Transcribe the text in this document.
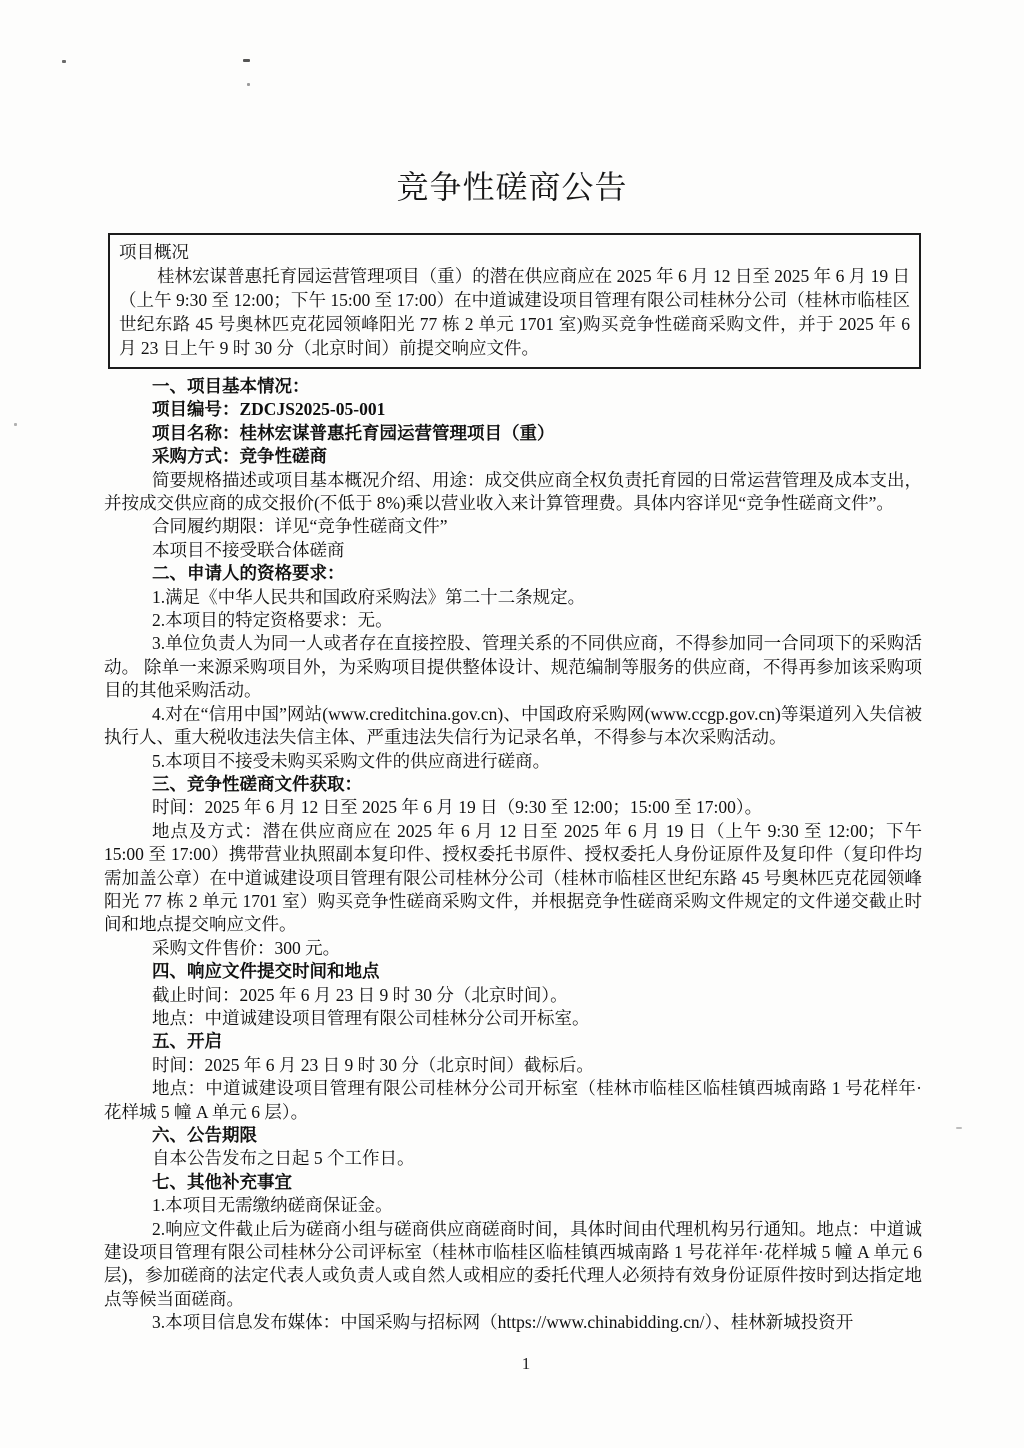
竞争性磋商公告

项目概况

桂林宏谋普惠托育园运营管理项目（重）的潜在供应商应在 2025 年 6 月 12 日至 2025 年 6 月 19 日（上午 9:30 至 12:00；下午 15:00 至 17:00）在中道诚建设项目管理有限公司桂林分公司（桂林市临桂区世纪东路 45 号奥林匹克花园领峰阳光 77 栋 2 单元 1701 室)购买竞争性磋商采购文件，并于 2025 年 6 月 23 日上午 9 时 30 分（北京时间）前提交响应文件。

一、项目基本情况：

项目编号：ZDCJS2025-05-001

项目名称：桂林宏谋普惠托育园运营管理项目（重）

采购方式：竞争性磋商

简要规格描述或项目基本概况介绍、用途：成交供应商全权负责托育园的日常运营管理及成本支出，并按成交供应商的成交报价(不低于 8%)乘以营业收入来计算管理费。具体内容详见“竞争性磋商文件”。

合同履约期限：详见“竞争性磋商文件”

本项目不接受联合体磋商

二、申请人的资格要求：

1.满足《中华人民共和国政府采购法》第二十二条规定。

2.本项目的特定资格要求：无。

3.单位负责人为同一人或者存在直接控股、管理关系的不同供应商，不得参加同一合同项下的采购活动。 除单一来源采购项目外，为采购项目提供整体设计、规范编制等服务的供应商，不得再参加该采购项目的其他采购活动。

4.对在“信用中国”网站(www.creditchina.gov.cn)、中国政府采购网(www.ccgp.gov.cn)等渠道列入失信被执行人、重大税收违法失信主体、严重违法失信行为记录名单，不得参与本次采购活动。

5.本项目不接受未购买采购文件的供应商进行磋商。

三、竞争性磋商文件获取：

时间：2025 年 6 月 12 日至 2025 年 6 月 19 日（9:30 至 12:00；15:00 至 17:00）。

地点及方式：潜在供应商应在 2025 年 6 月 12 日至 2025 年 6 月 19 日（上午 9:30 至 12:00；下午 15:00 至 17:00）携带营业执照副本复印件、授权委托书原件、授权委托人身份证原件及复印件（复印件均需加盖公章）在中道诚建设项目管理有限公司桂林分公司（桂林市临桂区世纪东路 45 号奥林匹克花园领峰阳光 77 栋 2 单元 1701 室）购买竞争性磋商采购文件，并根据竞争性磋商采购文件规定的文件递交截止时间和地点提交响应文件。

采购文件售价：300 元。

四、响应文件提交时间和地点

截止时间：2025 年 6 月 23 日 9 时 30 分（北京时间）。

地点：中道诚建设项目管理有限公司桂林分公司开标室。

五、开启

时间：2025 年 6 月 23 日 9 时 30 分（北京时间）截标后。

地点：中道诚建设项目管理有限公司桂林分公司开标室（桂林市临桂区临桂镇西城南路 1 号花样年·花样城 5 幢 A 单元 6 层）。

六、公告期限

自本公告发布之日起 5 个工作日。

七、其他补充事宜

1.本项目无需缴纳磋商保证金。

2.响应文件截止后为磋商小组与磋商供应商磋商时间，具体时间由代理机构另行通知。地点：中道诚建设项目管理有限公司桂林分公司评标室（桂林市临桂区临桂镇西城南路 1 号花祥年·花样城 5 幢 A 单元 6 层)，参加磋商的法定代表人或负责人或自然人或相应的委托代理人必须持有效身份证原件按时到达指定地点等候当面磋商。

3.本项目信息发布媒体：中国采购与招标网（https://www.chinabidding.cn/）、桂林新城投资开

1
